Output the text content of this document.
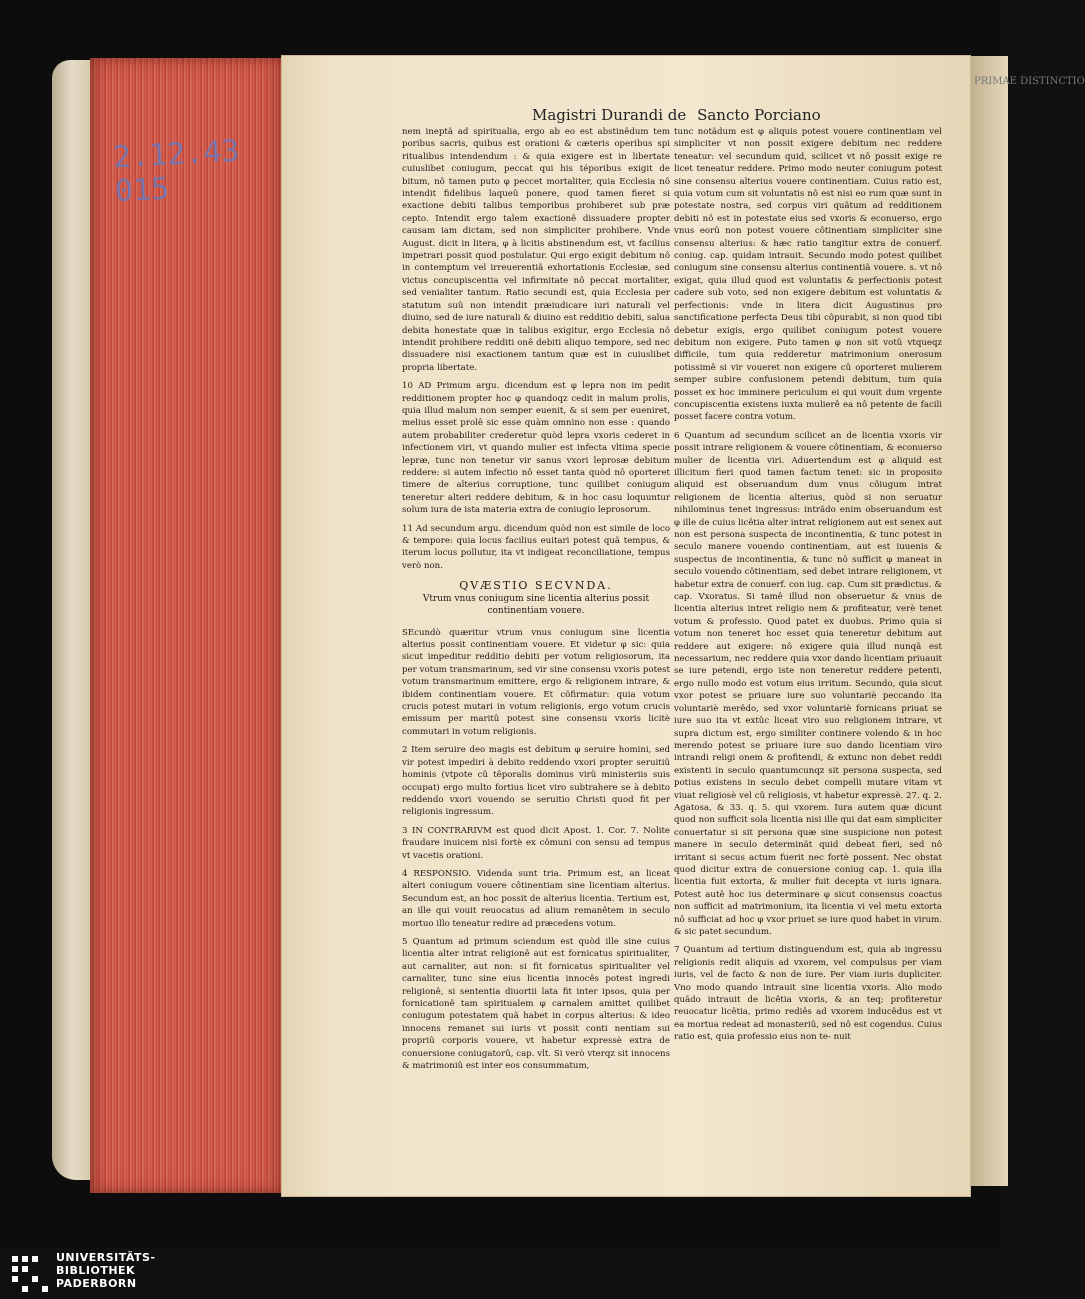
2.12.43
015
PRIMAE DISTINCTIO
Magistri Durandi de Sancto Porciano

nem ineptã ad spiritualia, ergo ab eo est abstinêdum tem poribus sacris, quibus est orationi & cæteris operibus spi ritualibus intendendum : & quia exigere est in libertate cuiuslibet coniugum, peccat qui his téporibus exigit de bitum, nô tamen puto φ peccet mortaliter, quia Ecclesia nô intendit fidelibus laqueû ponere, quod tamen fieret si exactione debiti talibus temporibus prohiberet sub præ cepto. Intendit ergo talem exactionê dissuadere propter causam iam dictam, sed non simpliciter prohibere. Vnde August. dicit in litera, φ à licitis abstinendum est, vt facilius impetrari possit quod postulatur. Qui ergo exigit debitum nô in contemptum vel irreuerentiã exhortationis Ecclesiæ, sed victus concupiscentia vel infirmitate nô peccat mortaliter, sed venialiter tantum. Ratio secundi est, quia Ecclesia per statutum suû non intendit præiudicare iuri naturali vel diuino, sed de iure naturali & diuino est redditio debiti, salua debita honestate quæ in talibus exigitur, ergo Ecclesia nô intendit prohibere redditi onê debiti aliquo tempore, sed nec dissuadere nisi exactionem tantum quæ est in cuiuslibet propria libertate.

10 AD Primum argu. dicendum est φ lepra non im pedit redditionem propter hoc φ quandoqz cedit in malum prolis, quia illud malum non semper euenit, & si sem per eueniret, melius esset prolê sic esse quàm omnino non esse : quando autem probabiliter crederetur quòd lepra vxoris cederet in infectionem viri, vt quando mulier est infecta vltima specie lepræ, tunc non tenetur vir sanus vxori leprosæ debitum reddere: si autem infectio nô esset tanta quòd nô oporteret timere de alterius corruptione, tunc quilibet coniugum teneretur alteri reddere debitum, & in hoc casu loquuntur solum iura de ista materia extra de coniugio leprosorum.

11 Ad secundum argu. dicendum quòd non est simile de loco & tempore: quia locus facilius euitari potest quã tempus, & iterum locus pollutur, ita vt indigeat reconciliatione, tempus verò non.

QVÆSTIO SECVNDA.
Vtrum vnus coniugum sine licentia alterius possit continentiam vouere.

SEcundò quæritur vtrum vnus coniugum sine licentia alterius possit continentiam vouere. Et videtur φ sic: quia sicut impeditur redditio debiti per votum religiosorum, ita per votum transmarinum, sed vir sine consensu vxoris potest votum transmarinum emittere, ergo & religionem intrare, & ibidem continentiam vouere. Et cõfirmatur: quia votum crucis potest mutari in votum religionis, ergo votum crucis emissum per maritû potest sine consensu vxoris licitè commutari in votum religionis.

2 Item seruire deo magis est debitum φ seruire homini, sed vir potest impediri à debito reddendo vxori propter seruitiû hominis (vtpote cû têporalis dominus virû ministeriis suis occupat) ergo multo fortius licet viro subtrahere se à debito reddendo vxori vouendo se seruitio Christi quod fit per religionis ingressum.

3 IN CONTRARIVM est quod dicit Apost. 1. Cor. 7. Nolite fraudare inuicem nisi fortè ex cômuni con sensu ad tempus vt vacetis orationi.

4 RESPONSIO. Videnda sunt tria. Primum est, an liceat alteri coniugum vouere côtinentiam sine licentiam alterius. Secundum est, an hoc possit de alterius licentia. Tertium est, an ille qui vouit reuocatus ad alium remanêtem in seculo mortuo illo teneatur redire ad præcedens votum.

5 Quantum ad primum sciendum est quòd ille sine cuius licentia alter intrat religionê aut est fornicatus spiritualiter, aut carnaliter, aut non: si fit fornicatus spiritualiter vel carnaliter, tunc sine eius licentia innocês potest ingredi religionê, si sententia diuortii lata fit inter ipsos, quia per fornicationê tam spiritualem φ carnalem amittet quilibet coniugum potestatem quã habet in corpus alterius: & ideo innocens remanet sui iuris vt possit conti nentiam sui propriû corporis vouere, vt habetur expressè extra de conuersione coniugatorû, cap. vlt. Si verò vterqz sit innocens & matrimoniû est inter eos consummatum,

tunc notãdum est φ aliquis potest vouere continentiam vel simpliciter vt non possit exigere debitum nec reddere teneatur: vel secundum quid, scilicet vt nô possit exige re licet teneatur reddere. Primo modo neuter coniugum potest sine consensu alterius vouere continentiam. Cuius ratio est, quia votum cum sit voluntatis nô est nisi eo rum quæ sunt in potestate nostra, sed corpus viri quãtum ad redditionem debiti nô est in potestate eius sed vxoris & econuerso, ergo vnus eorû non potest vouere côtinentiam simpliciter sine consensu alterius: & hæc ratio tangitur extra de conuerf. coniug. cap. quidam intrauit. Secundo modo potest quilibet coniugum sine consensu alterius continentiã vouere. s. vt nô exigat, quia illud quod est voluntatis & perfectionis potest cadere sub voto, sed non exigere debitum est voluntatis & perfectionis: vnde in litera dicit Augustinus pro sanctificatione perfecta Deus tibi côpurabit, si non quod tibi debetur exigis, ergo quilibet coniugum potest vouere debitum non exigere. Puto tamen φ non sit votû vtqueqz difficile, tum quia redderetur matrimonium onerosum potissimê si vir voueret non exigere cû oporteret mulierem semper subire confusionem petendi debitum, tum quia posset ex hoc imminere periculum ei qui vouit dum vrgente concupiscentia existens iuxta mulierê ea nô petente de facili posset facere contra votum.

6 Quantum ad secundum scilicet an de licentia vxoris vir possit intrare religionem & vouere côtinentiam, & econuerso mulier de licentia viri. Aduertendum est φ aliquid est illicitum fieri quod tamen factum tenet: sic in proposito aliquid est obseruandum dum vnus côiugum intrat religionem de licentia alterius, quòd si non seruatur nihilominus tenet ingressus: intrãdo enim obseruandum est φ ille de cuius licêtia alter intrat religionem aut est senex aut non est persona suspecta de incontinentia, & tunc potest in seculo manere vouendo continentiam, aut est iuuenis & suspectus de incontinentia, & tunc nô sufficit φ maneat in seculo vouendo côtinentiam, sed debet intrare religionem, vt habetur extra de conuerf. con iug. cap. Cum sit prædictus. & cap. Vxoratus. Si tamê illud non obseruetur & vnus de licentia alterius intret religio nem & profiteatur, verè tenet votum & professio. Quod patet ex duobus. Primo quia si votum non teneret hoc esset quia teneretur debitum aut reddere aut exigere: nô exigere quia illud nunqã est necessarium, nec reddere quia vxor dando licentiam priuauit se iure petendi, ergo iste non teneretur reddere petenti, ergo nullo modo est votum eius irritum. Secundo, quia sicut vxor potest se priuare iure suo voluntariè peccando ita voluntariè merêdo, sed vxor voluntariè fornicans priuat se iure suo ita vt extûc liceat viro suo religionem intrare, vt supra dictum est, ergo similiter continere volendo & in hoc merendo potest se priuare iure suo dando licentiam viro intrandi religi onem & profitendi, & extunc non debet reddi existenti in seculo quantumcunqz sit persona suspecta, sed potius existens in seculo debet compelli mutare vitam vt viuat religiosè vel cû religiosis, vt habetur expressè. 27. q. 2. Agatosa, & 33. q. 5. qui vxorem. Iura autem quæ dicunt quod non sufficit sola licentia nisi ille qui dat eam simpliciter conuertatur si sit persona quæ sine suspicione non potest manere in seculo determinãt quid debeat fieri, sed nô irritant si secus actum fuerit nec fortè possent. Nec obstat quod dicitur extra de conuersione coniug cap. 1. quia illa licentia fuit extorta, & mulier fuit decepta vt iuris ignara. Potest autê hoc ius determinare φ sicut consensus coactus non sufficit ad matrimonium, ita licentia vi vel metu extorta nô sufficiat ad hoc φ vxor priuet se iure quod habet in virum. & sic patet secundum.

7 Quantum ad tertium distinguendum est, quia ab ingressu religionis redit aliquis ad vxorem, vel compulsus per viam iuris, vel de facto & non de iure. Per viam iuris dupliciter. Vno modo quando intrauit sine licentia vxoris. Alio modo quãdo intrauit de licêtia vxoris, & an teq; profiteretur reuocatur licêtia, primo rediês ad vxorem inducêdus est vt ea mortua redeat ad monasteriû, sed nô est cogendus. Cuius ratio est, quia professio eius non te- nuit

UNIVERSITÄTS-
BIBLIOTHEK
PADERBORN
